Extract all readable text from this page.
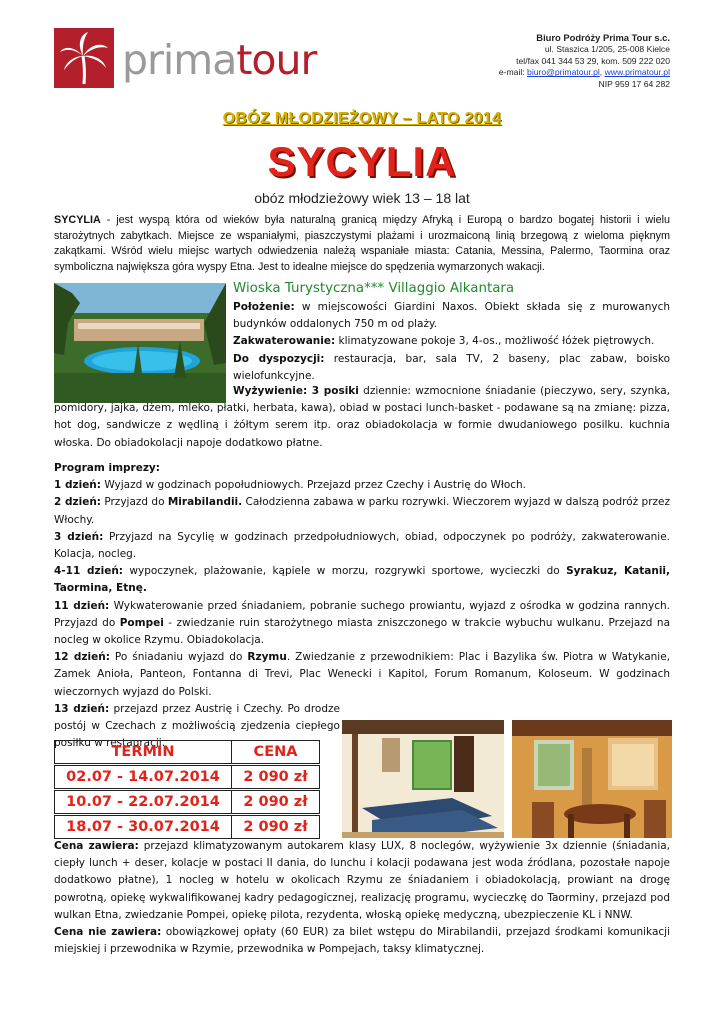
primatour	Biuro Podróży Prima Tour s.c.
ul. Staszica 1/205, 25-008 Kielce
tel/fax 041 344 53 29, kom. 509 222 020
e-mail: biuro@primatour.pl, www.primatour.pl
NIP 959 17 64 282
OBÓZ MŁODZIEŻOWY – LATO 2014
SYCYLIA
obóz młodzieżowy wiek 13 – 18 lat
SYCYLIA - jest wyspą która od wieków była naturalną granicą między Afryką i Europą o bardzo bogatej historii i wielu starożytnych zabytkach. Miejsce ze wspaniałymi, piaszczystymi plażami i urozmaiconą linią brzegową z wieloma pięknym zakątkami. Wśród wielu miejsc wartych odwiedzenia należą wspaniałe miasta: Catania, Messina, Palermo, Taormina oraz symboliczna największa góra wyspy Etna. Jest to idealne miejsce do spędzenia wymarzonych wakacji.
Wioska Turystyczna*** Villaggio Alkantara
Położenie: w miejscowości Giardini Naxos. Obiekt składa się z murowanych budynków oddalonych 750 m od plaży.
Zakwaterowanie: klimatyzowane pokoje 3, 4-os., możliwość łóżek piętrowych.
Do dyspozycji: restauracja, bar, sala TV, 2 baseny, plac zabaw, boisko wielofunkcyjne.
Wyżywienie: 3 posiki dziennie: wzmocnione śniadanie (pieczywo, sery, szynka, pomidory, jajka, dżem, mleko, płatki, herbata, kawa), obiad w postaci lunch-basket - podawane są na zmianę: pizza, hot dog, sandwicze z wędliną i żółtym serem itp. oraz obiadokolacja w formie dwudaniowego posilku. kuchnia włoska. Do obiadokolacji napoje dodatkowo płatne.
Program imprezy:
1 dzień: Wyjazd w godzinach popołudniowych. Przejazd przez Czechy i Austrię do Włoch.
2 dzień: Przyjazd do Mirabilandii. Całodzienna zabawa w parku rozrywki. Wieczorem wyjazd w dalszą podróż przez Włochy.
3 dzień: Przyjazd na Sycylię w godzinach przedpołudniowych, obiad, odpoczynek po podróży, zakwaterowanie. Kolacja, nocleg.
4-11 dzień: wypoczynek, plażowanie, kąpiele w morzu, rozgrywki sportowe, wycieczki do Syrakuz, Katanii, Taormina, Etnę.
11 dzień: Wykwaterowanie przed śniadaniem, pobranie suchego prowiantu, wyjazd z ośrodka w godzina rannych. Przyjazd do Pompei - zwiedzanie ruin starożytnego miasta zniszczonego w trakcie wybuchu wulkanu. Przejazd na nocleg w okolice Rzymu. Obiadokolacja.
12 dzień: Po śniadaniu wyjazd do Rzymu. Zwiedzanie z przewodnikiem: Plac i Bazylika św. Piotra w Watykanie, Zamek Anioła, Panteon, Fontanna di Trevi, Plac Wenecki i Kapitol, Forum Romanum, Koloseum. W godzinach wieczornych wyjazd do Polski.
13 dzień: przejazd przez Austrię i Czechy. Po drodze postój w Czechach z możliwością zjedzenia ciepłego posiłku w restauracji.
TERMIN	CENA
02.07 - 14.07.2014	2 090 zł
10.07 - 22.07.2014	2 090 zł
18.07 - 30.07.2014	2 090 zł
Cena zawiera: przejazd klimatyzowanym autokarem klasy LUX, 8 noclegów, wyżywienie 3x dziennie (śniadania, ciepły lunch + deser, kolacje w postaci II dania, do lunchu i kolacji podawana jest woda źródlana, pozostałe napoje dodatkowo płatne), 1 nocleg w hotelu w okolicach Rzymu ze śniadaniem i obiadokolacją, prowiant na drogę powrotną, opiekę wykwalifikowanej kadry pedagogicznej, realizację programu, wycieczkę do Taorminy, przejazd pod wulkan Etna, zwiedzanie Pompei, opiekę pilota, rezydenta, włoską opiekę medyczną, ubezpieczenie KL i NNW.
Cena nie zawiera: obowiązkowej opłaty (60 EUR) za bilet wstępu do Mirabilandii, przejazd środkami komunikacji miejskiej i przewodnika w Rzymie, przewodnika w Pompejach, taksy klimatycznej.
